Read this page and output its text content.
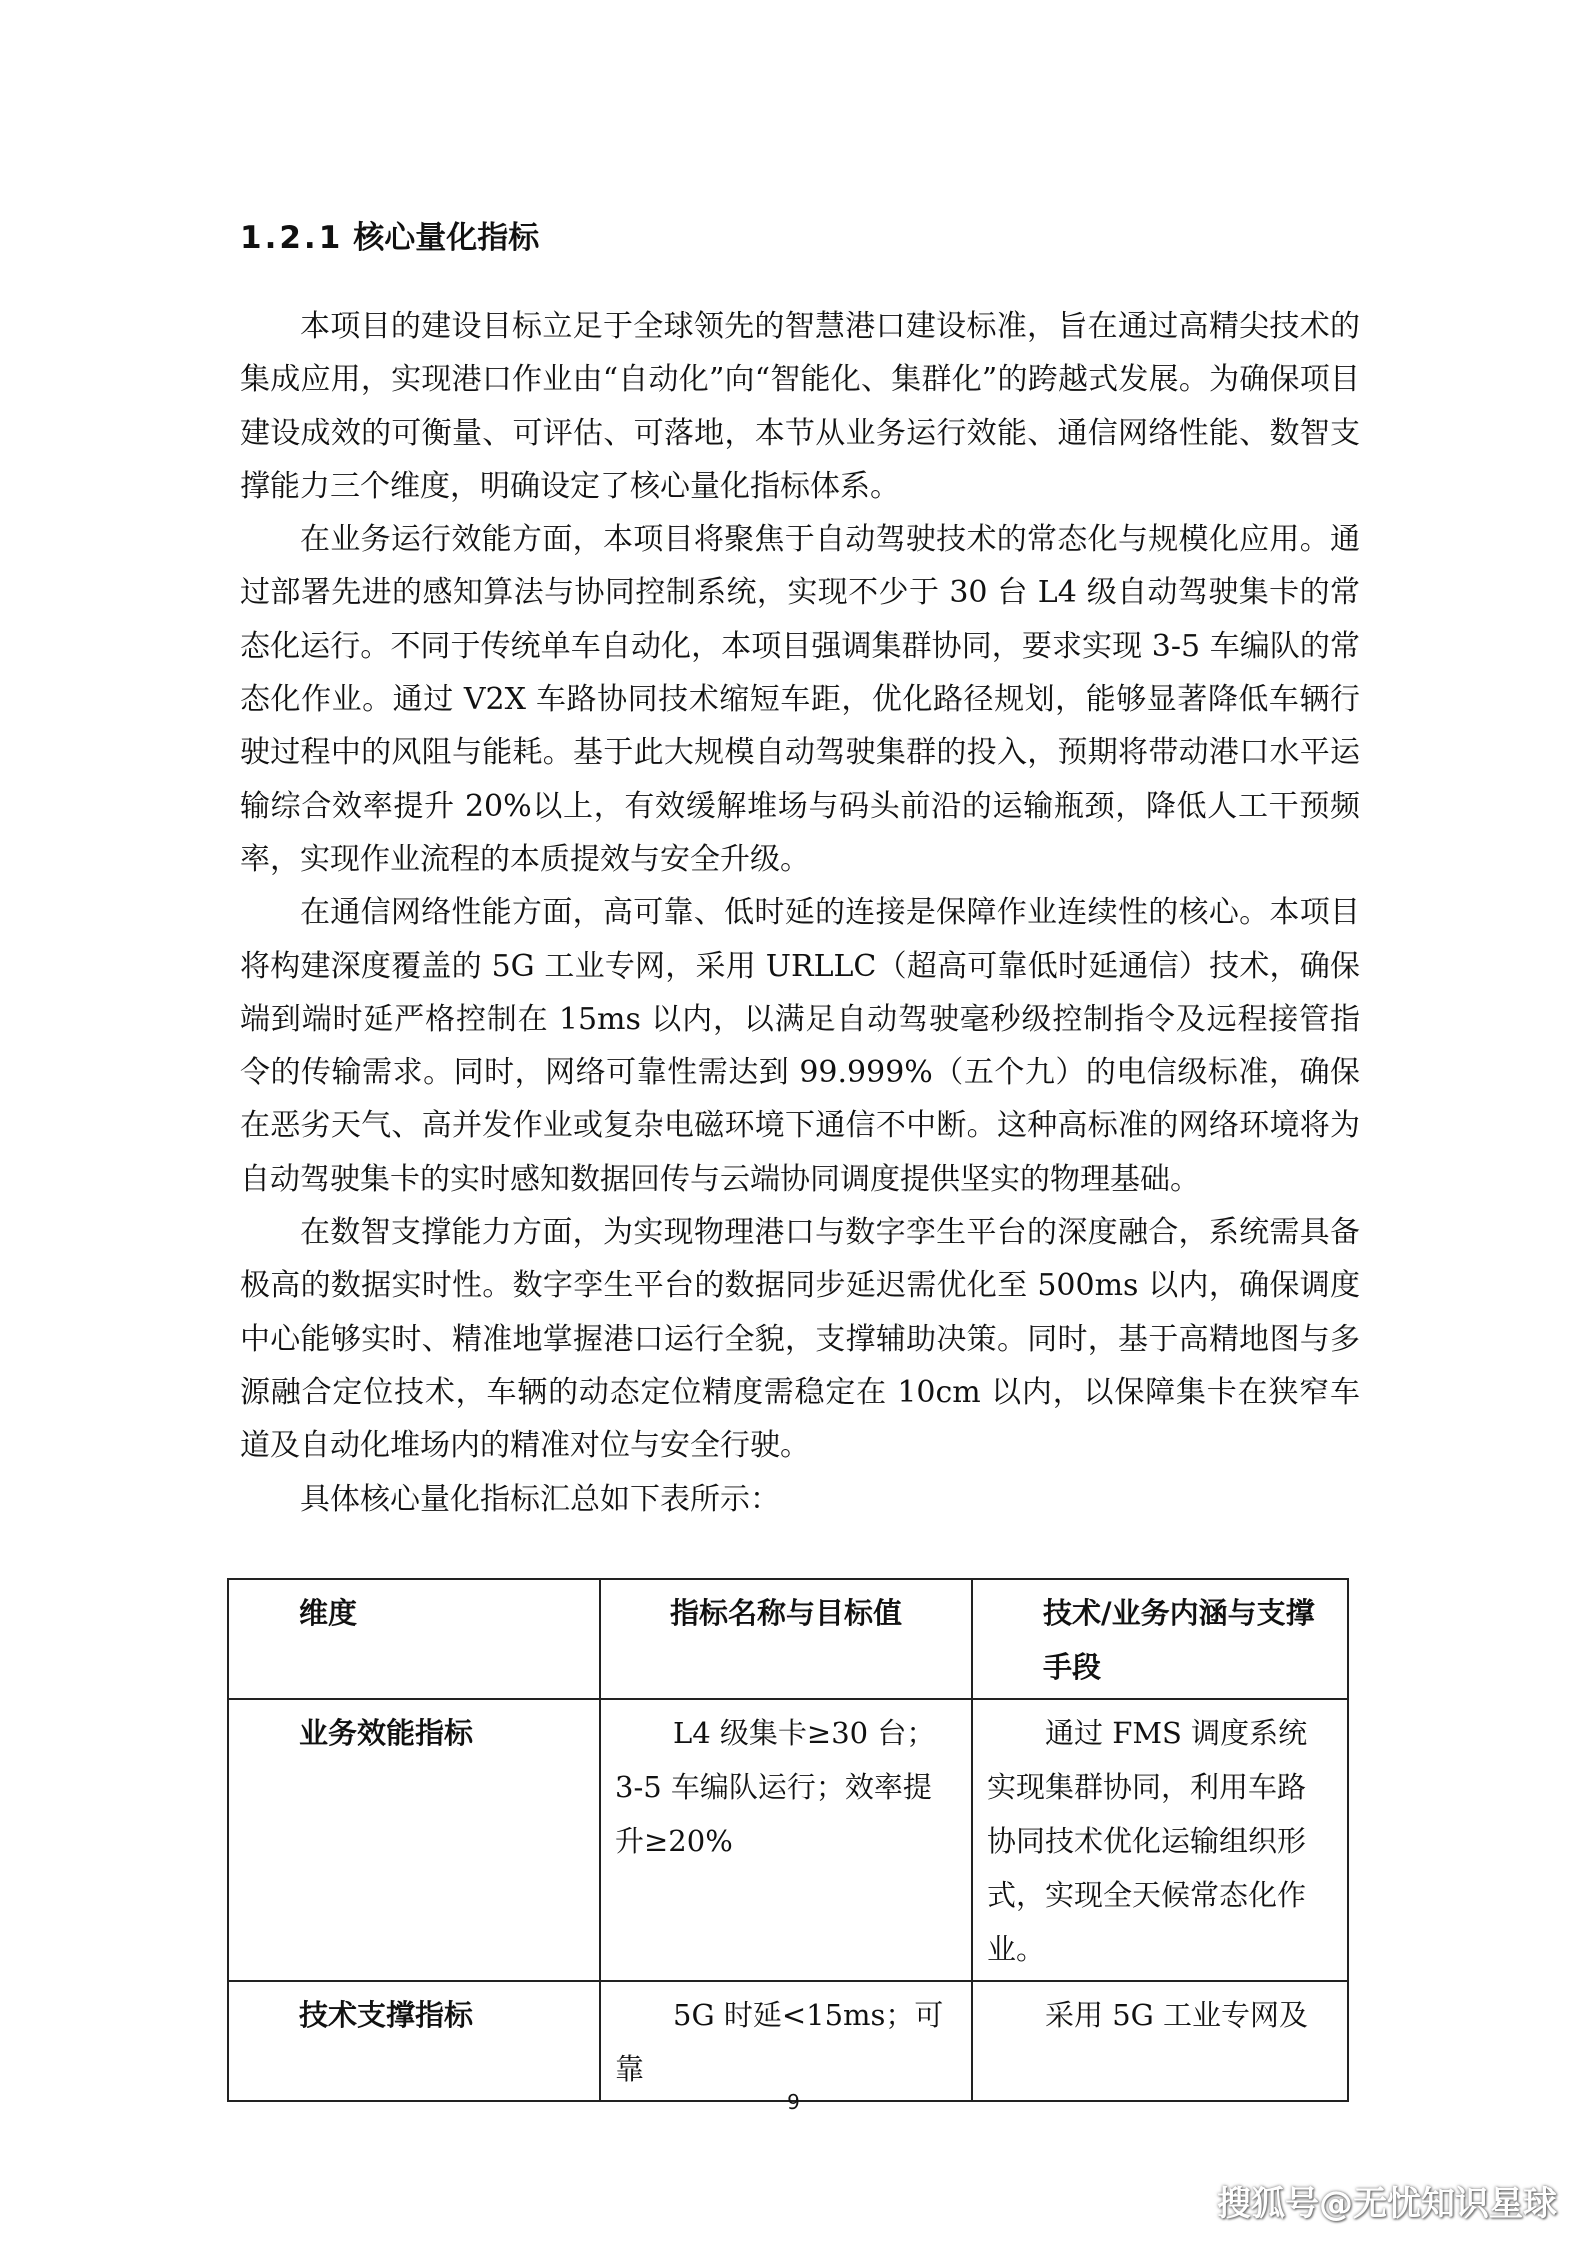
1.2.1 核心量化指标

本项目的建设目标立足于全球领先的智慧港口建设标准，旨在通过高精尖技术的集成应用，实现港口作业由“自动化”向“智能化、集群化”的跨越式发展。为确保项目建设成效的可衡量、可评估、可落地，本节从业务运行效能、通信网络性能、数智支撑能力三个维度，明确设定了核心量化指标体系。

在业务运行效能方面，本项目将聚焦于自动驾驶技术的常态化与规模化应用。通过部署先进的感知算法与协同控制系统，实现不少于 30 台 L4 级自动驾驶集卡的常态化运行。不同于传统单车自动化，本项目强调集群协同，要求实现 3-5 车编队的常态化作业。通过 V2X 车路协同技术缩短车距，优化路径规划，能够显著降低车辆行驶过程中的风阻与能耗。基于此大规模自动驾驶集群的投入，预期将带动港口水平运输综合效率提升 20%以上，有效缓解堆场与码头前沿的运输瓶颈，降低人工干预频率，实现作业流程的本质提效与安全升级。

在通信网络性能方面，高可靠、低时延的连接是保障作业连续性的核心。本项目将构建深度覆盖的 5G 工业专网，采用 URLLC（超高可靠低时延通信）技术，确保端到端时延严格控制在 15ms 以内，以满足自动驾驶毫秒级控制指令及远程接管指令的传输需求。同时，网络可靠性需达到 99.999%（五个九）的电信级标准，确保在恶劣天气、高并发作业或复杂电磁环境下通信不中断。这种高标准的网络环境将为自动驾驶集卡的实时感知数据回传与云端协同调度提供坚实的物理基础。

在数智支撑能力方面，为实现物理港口与数字孪生平台的深度融合，系统需具备极高的数据实时性。数字孪生平台的数据同步延迟需优化至 500ms 以内，确保调度中心能够实时、精准地掌握港口运行全貌，支撑辅助决策。同时，基于高精地图与多源融合定位技术，车辆的动态定位精度需稳定在 10cm 以内，以保障集卡在狭窄车道及自动化堆场内的精准对位与安全行驶。

具体核心量化指标汇总如下表所示：

维度	指标名称与目标值	技术/业务内涵与支撑手段
业务效能指标	L4 级集卡≥30 台；3-5 车编队运行；效率提升≥20%	通过 FMS 调度系统实现集群协同，利用车路协同技术优化运输组织形式，实现全天候常态化作业。
技术支撑指标	5G 时延<15ms；可靠	采用 5G 工业专网及
9
搜狐号@无忧知识星球
